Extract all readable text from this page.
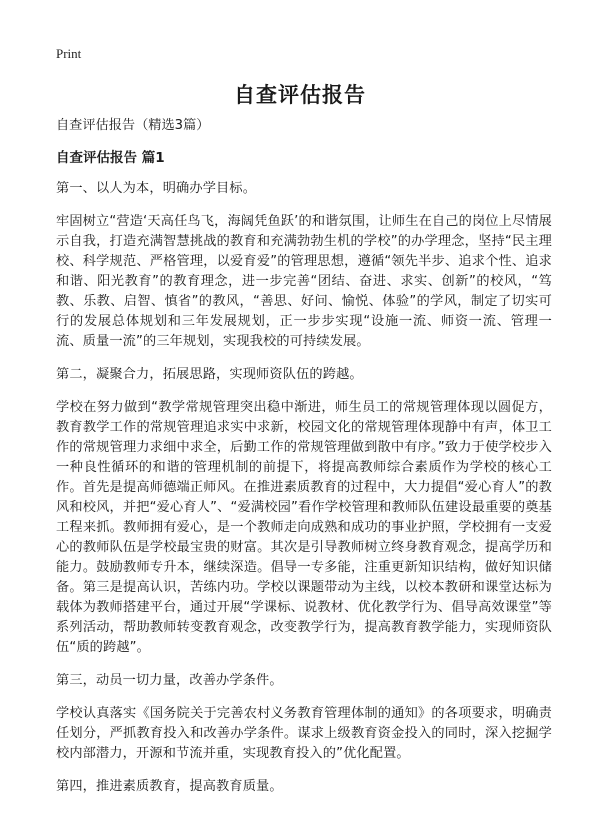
Print
自查评估报告

自查评估报告（精选3篇）

自查评估报告 篇1

第一、以人为本，明确办学目标。

牢固树立“营造‘天高任鸟飞，海阔凭鱼跃’的和谐氛围，让师生在自己的岗位上尽情展示自我，打造充满智慧挑战的教育和充满勃勃生机的学校”的办学理念，坚持“民主理校、科学规范、严格管理，以爱育爱”的管理思想，遵循“领先半步、追求个性、追求和谐、阳光教育”的教育理念，进一步完善“团结、奋进、求实、创新”的校风，“笃教、乐教、启智、慎省”的教风，“善思、好问、愉悦、体验”的学风，制定了切实可行的发展总体规划和三年发展规划，正一步步实现“设施一流、师资一流、管理一流、质量一流”的三年规划，实现我校的可持续发展。

第二，凝聚合力，拓展思路，实现师资队伍的跨越。

学校在努力做到“教学常规管理突出稳中渐进，师生员工的常规管理体现以圆促方，教育教学工作的常规管理追求实中求新，校园文化的常规管理体现静中有声，体卫工作的常规管理力求细中求全，后勤工作的常规管理做到散中有序。”致力于使学校步入一种良性循环的和谐的管理机制的前提下，将提高教师综合素质作为学校的核心工作。首先是提高师德端正师风。在推进素质教育的过程中，大力提倡“爱心育人”的教风和校风，并把“爱心育人”、“爱满校园”看作学校管理和教师队伍建设最重要的奠基工程来抓。教师拥有爱心，是一个教师走向成熟和成功的事业护照，学校拥有一支爱心的教师队伍是学校最宝贵的财富。其次是引导教师树立终身教育观念，提高学历和能力。鼓励教师专升本，继续深造。倡导一专多能，注重更新知识结构，做好知识储备。第三是提高认识，苦练内功。学校以课题带动为主线，以校本教研和课堂达标为载体为教师搭建平台，通过开展“学课标、说教材、优化教学行为、倡导高效课堂”等系列活动，帮助教师转变教育观念，改变教学行为，提高教育教学能力，实现师资队伍“质的跨越”。

第三，动员一切力量，改善办学条件。

学校认真落实《国务院关于完善农村义务教育管理体制的通知》的各项要求，明确责任划分，严抓教育投入和改善办学条件。谋求上级教育资金投入的同时，深入挖掘学校内部潜力，开源和节流并重，实现教育投入的”优化配置。

第四，推进素质教育，提高教育质量。
